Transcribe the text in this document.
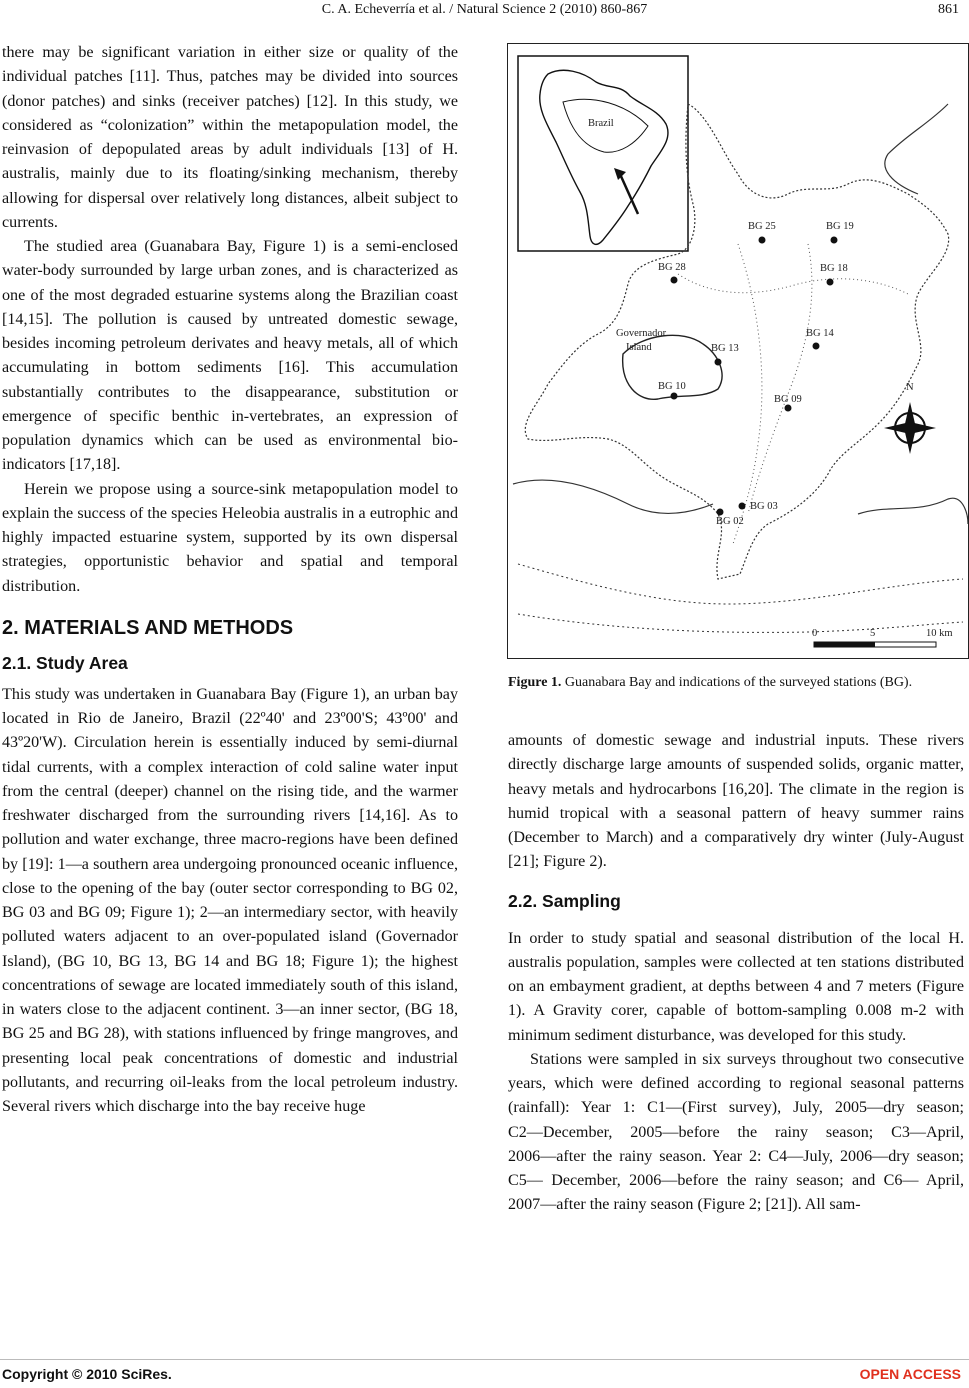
C. A. Echeverría et al. / Natural Science 2 (2010) 860-867	861

there may be significant variation in either size or quality of the individual patches [11]. Thus, patches may be divided into sources (donor patches) and sinks (receiver patches) [12]. In this study, we considered as “colonization” within the metapopulation model, the reinvasion of depopulated areas by adult individuals [13] of H. australis, mainly due to its floating/sinking mechanism, thereby allowing for dispersal over relatively long distances, albeit subject to currents.

The studied area (Guanabara Bay, Figure 1) is a semi-enclosed water-body surrounded by large urban zones, and is characterized as one of the most degraded estuarine systems along the Brazilian coast [14,15]. The pollution is caused by untreated domestic sewage, besides incoming petroleum derivates and heavy metals, all of which accumulating in bottom sediments [16]. This accumulation substantially contributes to the disappearance, substitution or emergence of specific benthic in-vertebrates, an expression of population dynamics which can be used as environmental bio-indicators [17,18].

Herein we propose using a source-sink metapopulation model to explain the success of the species Heleobia australis in a eutrophic and highly impacted estuarine system, supported by its own dispersal strategies, opportunistic behavior and spatial and temporal distribution.

2. MATERIALS AND METHODS
2.1. Study Area

This study was undertaken in Guanabara Bay (Figure 1), an urban bay located in Rio de Janeiro, Brazil (22º40' and 23º00'S; 43º00' and 43º20'W). Circulation herein is essentially induced by semi-diurnal tidal currents, with a complex interaction of cold saline water input from the central (deeper) channel on the rising tide, and the warmer freshwater discharged from the surrounding rivers [14,16]. As to pollution and water exchange, three macro-regions have been defined by [19]: 1―a southern area undergoing pronounced oceanic influence, close to the opening of the bay (outer sector corresponding to BG 02, BG 03 and BG 09; Figure 1); 2―an intermediary sector, with heavily polluted waters adjacent to an over-populated island (Governador Island), (BG 10, BG 13, BG 14 and BG 18; Figure 1); the highest concentrations of sewage are located immediately south of this island, in waters close to the adjacent continent. 3―an inner sector, (BG 18, BG 25 and BG 28), with stations influenced by fringe mangroves, and presenting local peak concentrations of domestic and industrial pollutants, and recurring oil-leaks from the local petroleum industry. Several rivers which discharge into the bay receive huge

Brazil
Governador
Island
BG 25	BG 19
BG 28	BG 18
BG 14
BG 13
BG 10
BG 09
BG 03
BG 02
N
0	5	10 km
Figure 1. Guanabara Bay and indications of the surveyed stations (BG).

amounts of domestic sewage and industrial inputs. These rivers directly discharge large amounts of suspended solids, organic matter, heavy metals and hydrocarbons [16,20]. The climate in the region is humid tropical with a seasonal pattern of heavy summer rains (December to March) and a comparatively dry winter (July-August [21]; Figure 2).

2.2. Sampling

In order to study spatial and seasonal distribution of the local H. australis population, samples were collected at ten stations distributed on an embayment gradient, at depths between 4 and 7 meters (Figure 1). A Gravity corer, capable of bottom-sampling 0.008 m-2 with minimum sediment disturbance, was developed for this study.

Stations were sampled in six surveys throughout two consecutive years, which were defined according to regional seasonal patterns (rainfall): Year 1: C1―(First survey), July, 2005―dry season; C2―December, 2005―before the rainy season; C3―April, 2006―after the rainy season. Year 2: C4―July, 2006―dry season; C5― December, 2006―before the rainy season; and C6― April, 2007―after the rainy season (Figure 2; [21]). All sam-

Copyright © 2010 SciRes.	OPEN ACCESS
